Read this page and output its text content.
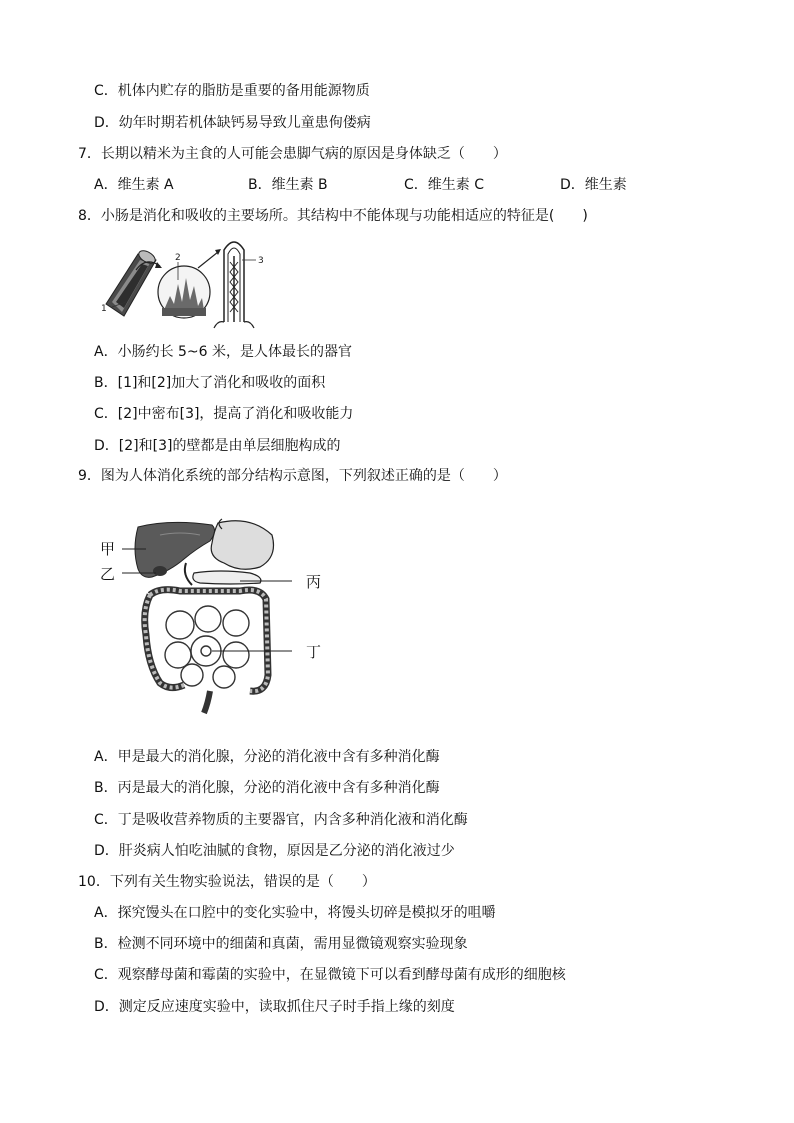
C．机体内贮存的脂肪是重要的备用能源物质
D．幼年时期若机体缺钙易导致儿童患佝偻病
7．长期以精米为主食的人可能会患脚气病的原因是身体缺乏（　　）
A．维生素 A	B．维生素 B	C．维生素 C	D．维生素
8．小肠是消化和吸收的主要场所。其结构中不能体现与功能相适应的特征是(　　)
1
2	3
A．小肠约长 5~6 米，是人体最长的器官
B．[1]和[2]加大了消化和吸收的面积
C．[2]中密布[3]，提高了消化和吸收能力
D．[2]和[3]的壁都是由单层细胞构成的
9．图为人体消化系统的部分结构示意图，下列叙述正确的是（　　）
甲
乙	丙
丁
A．甲是最大的消化腺，分泌的消化液中含有多种消化酶
B．丙是最大的消化腺，分泌的消化液中含有多种消化酶
C．丁是吸收营养物质的主要器官，内含多种消化液和消化酶
D．肝炎病人怕吃油腻的食物，原因是乙分泌的消化液过少
10．下列有关生物实验说法，错误的是（　　）
A．探究馒头在口腔中的变化实验中，将馒头切碎是模拟牙的咀嚼
B．检测不同环境中的细菌和真菌，需用显微镜观察实验现象
C．观察酵母菌和霉菌的实验中，在显微镜下可以看到酵母菌有成形的细胞核
D．测定反应速度实验中，读取抓住尺子时手指上缘的刻度
